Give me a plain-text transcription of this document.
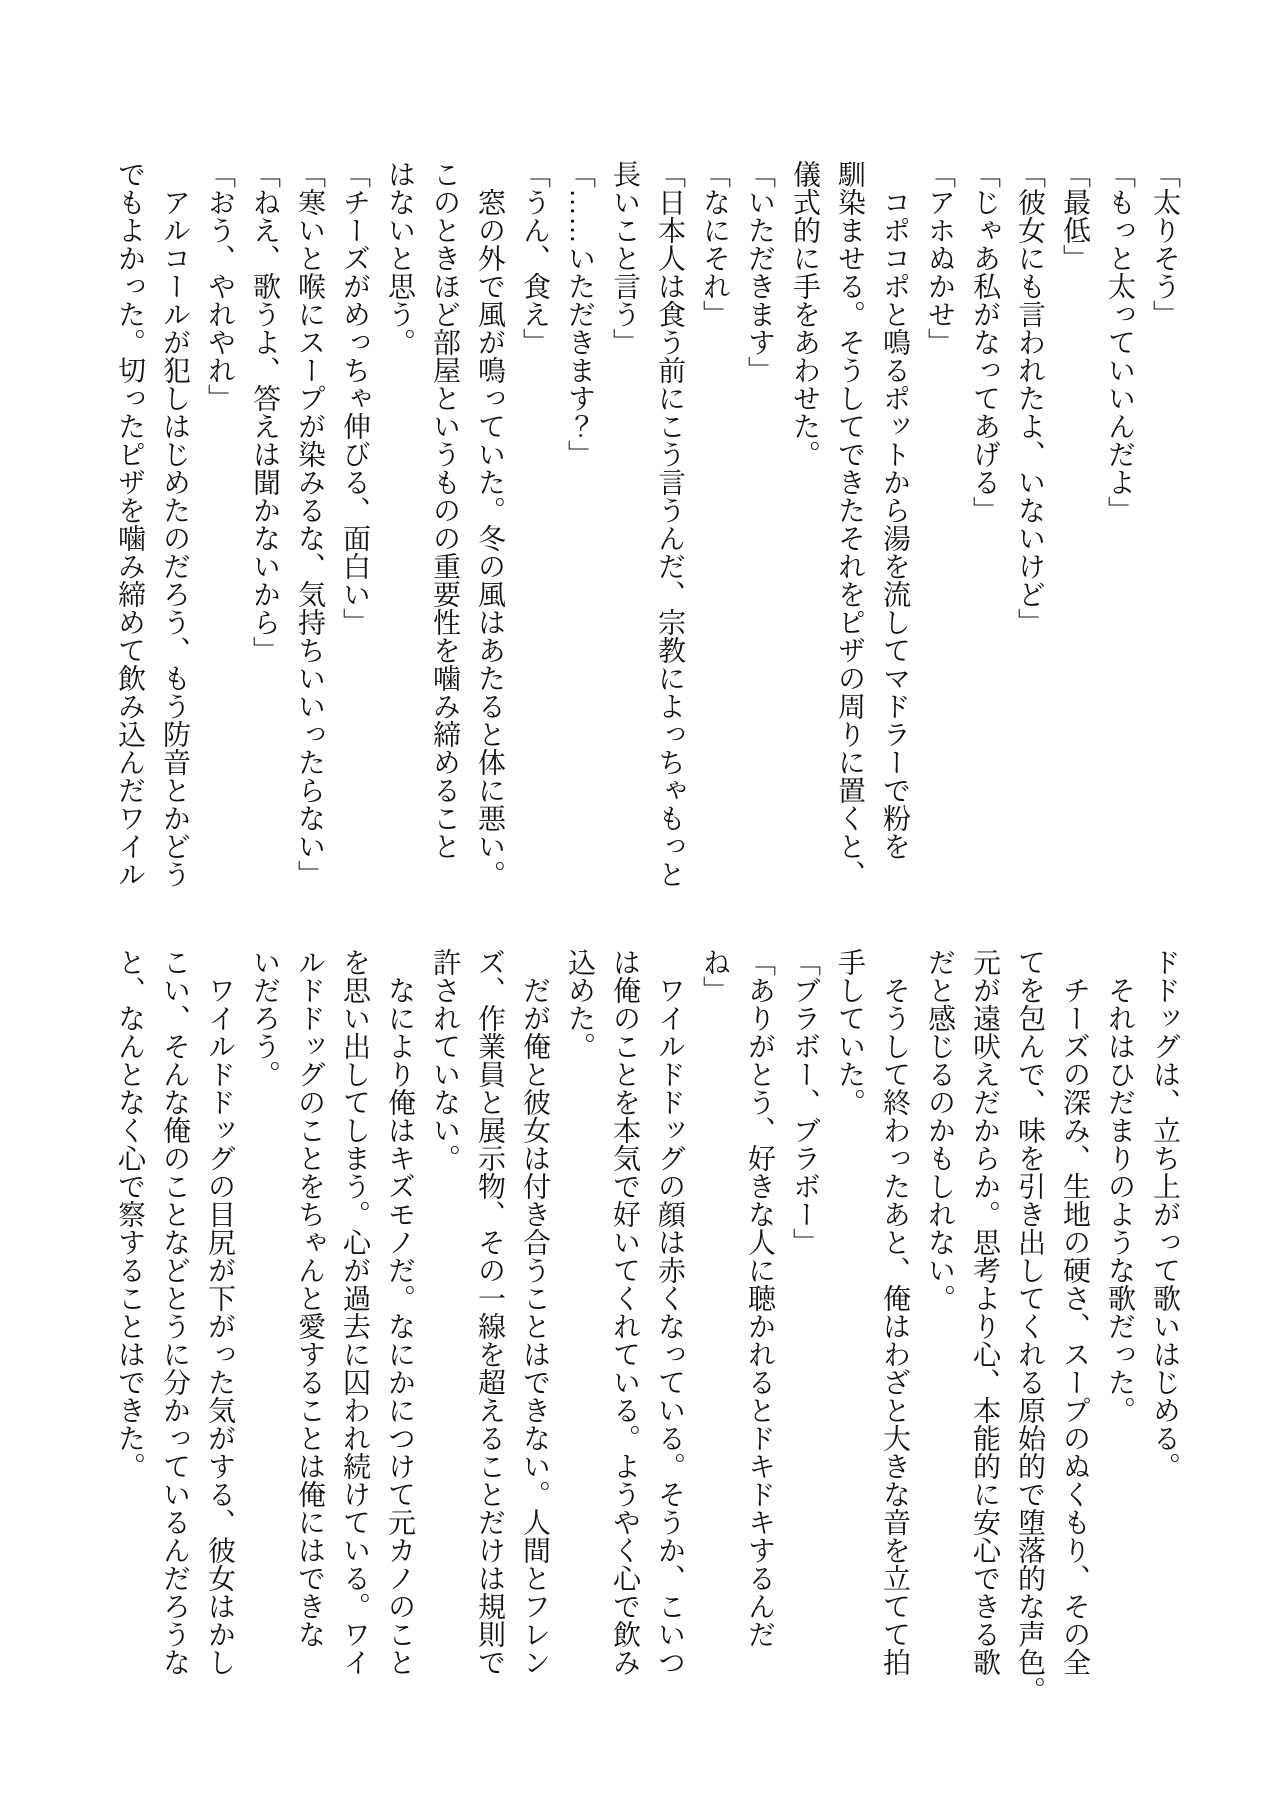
「太りそう」
「もっと太っていいんだよ」
「最低」
「彼女にも言われたよ、いないけど」
「じゃあ私がなってあげる」
「アホぬかせ」
　コポコポと鳴るポットから湯を流してマドラーで粉を
馴染ませる。そうしてできたそれをピザの周りに置くと、
儀式的に手をあわせた。
「いただきます」
「なにそれ」
「日本人は食う前にこう言うんだ、宗教によっちゃもっと
長いこと言う」
「……いただきます？」
「うん、食え」
　窓の外で風が鳴っていた。冬の風はあたると体に悪い。
このときほど部屋というものの重要性を噛み締めること
はないと思う。
「チーズがめっちゃ伸びる、面白い」
「寒いと喉にスープが染みるな、気持ちいいったらない」
「ねえ、歌うよ、答えは聞かないから」
「おう、やれやれ」
　アルコールが犯しはじめたのだろう、もう防音とかどう
でもよかった。切ったピザを噛み締めて飲み込んだワイル
ドドッグは、立ち上がって歌いはじめる。
　それはひだまりのような歌だった。
　チーズの深み、生地の硬さ、スープのぬくもり、その全
てを包んで、味を引き出してくれる原始的で堕落的な声色。
元が遠吠えだからか。思考より心、本能的に安心できる歌
だと感じるのかもしれない。
　そうして終わったあと、俺はわざと大きな音を立てて拍
手していた。
「ブラボー、ブラボー」
「ありがとう、好きな人に聴かれるとドキドキするんだ
ね」
　ワイルドドッグの顔は赤くなっている。そうか、こいつ
は俺のことを本気で好いてくれている。ようやく心で飲み
込めた。
　だが俺と彼女は付き合うことはできない。人間とフレン
ズ、作業員と展示物、その一線を超えることだけは規則で
許されていない。
　なにより俺はキズモノだ。なにかにつけて元カノのこと
を思い出してしまう。心が過去に囚われ続けている。ワイ
ルドドッグのことをちゃんと愛することは俺にはできな
いだろう。
　ワイルドドッグの目尻が下がった気がする、彼女はかし
こい、そんな俺のことなどとうに分かっているんだろうな
と、なんとなく心で察することはできた。
